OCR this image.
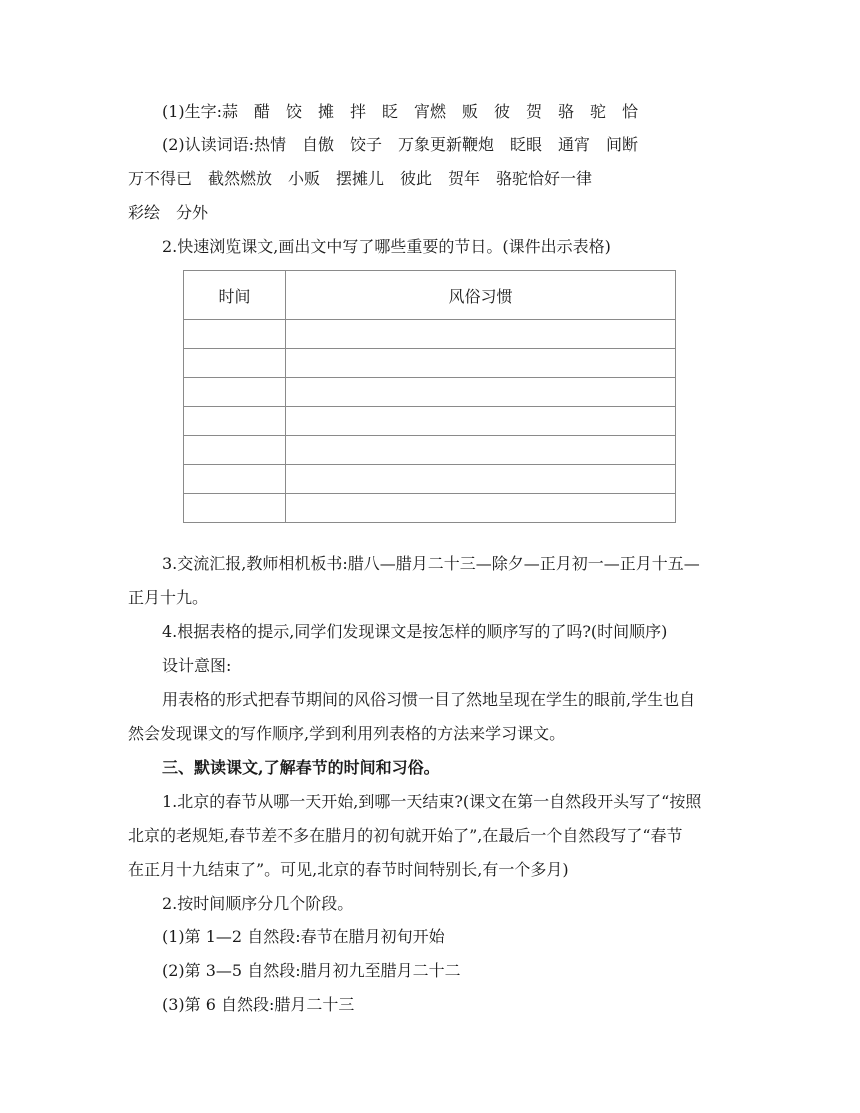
(1)生字:蒜　醋　饺　摊　拌　眨　宵燃　贩　彼　贺　骆　驼　恰
(2)认读词语:热情　自傲　饺子　万象更新鞭炮　眨眼　通宵　间断
万不得已　截然燃放　小贩　摆摊儿　彼此　贺年　骆驼恰好一律
彩绘　分外
2.快速浏览课文,画出文中写了哪些重要的节日。(课件出示表格)
时间	风俗习惯

3.交流汇报,教师相机板书:腊八—腊月二十三—除夕—正月初一—正月十五—
正月十九。
4.根据表格的提示,同学们发现课文是按怎样的顺序写的了吗?(时间顺序)
设计意图:
用表格的形式把春节期间的风俗习惯一目了然地呈现在学生的眼前,学生也自
然会发现课文的写作顺序,学到利用列表格的方法来学习课文。
三、默读课文,了解春节的时间和习俗。
1.北京的春节从哪一天开始,到哪一天结束?(课文在第一自然段开头写了“按照
北京的老规矩,春节差不多在腊月的初旬就开始了”,在最后一个自然段写了“春节
在正月十九结束了”。可见,北京的春节时间特别长,有一个多月)
2.按时间顺序分几个阶段。
(1)第 1—2 自然段:春节在腊月初旬开始
(2)第 3—5 自然段:腊月初九至腊月二十二
(3)第 6 自然段:腊月二十三
